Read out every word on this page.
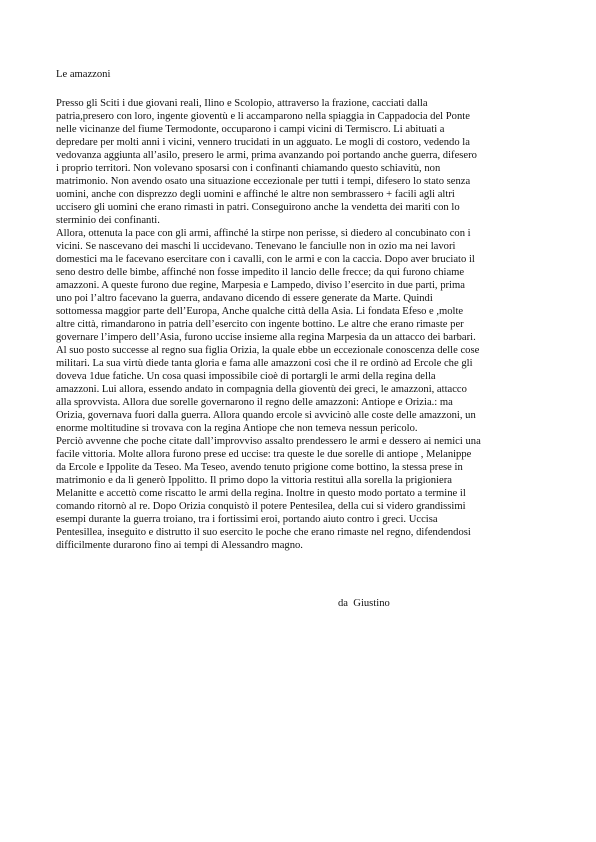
Le amazzoni
Presso gli Sciti i due giovani reali, Ilino e Scolopio, attraverso la frazione, cacciati dalla
patria,presero con loro, ingente gioventù e li accamparono nella spiaggia in Cappadocia del Ponte
nelle vicinanze del fiume Termodonte, occuparono i campi vicini di Termiscro. Li abituati a
depredare per molti anni i vicini, vennero trucidati in un agguato. Le mogli di costoro, vedendo la
vedovanza aggiunta all’asilo, presero le armi, prima avanzando poi portando anche guerra, difesero
i proprio territori. Non volevano sposarsi con i confinanti chiamando questo schiavitù, non
matrimonio. Non avendo osato una situazione eccezionale per tutti i tempi, difesero lo stato senza
uomini, anche con disprezzo degli uomini e affinché le altre non sembrassero + facili agli altri
uccisero gli uomini che erano rimasti in patri. Conseguirono anche la vendetta dei mariti con lo
sterminio dei confinanti.
Allora, ottenuta la pace con gli armi, affinché la stirpe non perisse, si diedero al concubinato con i
vicini. Se nascevano dei maschi li uccidevano. Tenevano le fanciulle non in ozio ma nei lavori
domestici ma le facevano esercitare con i cavalli, con le armi e con la caccia. Dopo aver bruciato il
seno destro delle bimbe, affinché non fosse impedito il lancio delle frecce; da qui furono chiame
amazzoni. A queste furono due regine, Marpesia e Lampedo, diviso l’esercito in due parti, prima
uno poi l’altro facevano la guerra, andavano dicendo di essere generate da Marte. Quindi
sottomessa maggior parte dell’Europa, Anche qualche città della Asia. Li fondata Efeso e ,molte
altre città, rimandarono in patria dell’esercito con ingente bottino. Le altre che erano rimaste per
governare l’impero dell’Asia, furono uccise insieme alla regina Marpesia da un attacco dei barbari.
Al suo posto successe al regno sua figlia Orizia, la quale ebbe un eccezionale conoscenza delle cose
militari. La sua virtù diede tanta gloria e fama alle amazzoni così che il re ordinò ad Ercole che gli
doveva 1due fatiche. Un cosa quasi impossibile cioè di portargli le armi della regina della
amazzoni. Lui allora, essendo andato in compagnia della gioventù dei greci, le amazzoni, attacco
alla sprovvista. Allora due sorelle governarono il regno delle amazzoni: Antiope e Orizia.: ma
Orizia, governava fuori dalla guerra. Allora quando ercole si avvicinò alle coste delle amazzoni, un
enorme moltitudine si trovava con la regina Antiope che non temeva nessun pericolo.
Perciò avvenne che poche citate dall’improvviso assalto prendessero le armi e dessero ai nemici una
facile vittoria. Molte allora furono prese ed uccise: tra queste le due sorelle di antiope , Melanippe
da Ercole e Ippolite da Teseo. Ma Teseo, avendo tenuto prigione come bottino, la stessa prese in
matrimonio e da lì generò Ippolitto. Il primo dopo la vittoria restituì alla sorella la prigioniera
Melanitte e accettò come riscatto le armi della regina. Inoltre in questo modo portato a termine il
comando ritornò al re. Dopo Orizia conquistò il potere Pentesilea, della cui si videro grandissimi
esempi durante la guerra troiano, tra i fortissimi eroi, portando aiuto contro i greci. Uccisa
Pentesillea, inseguito e distrutto il suo esercito le poche che erano rimaste nel regno, difendendosi
difficilmente durarono fino ai tempi di Alessandro magno.
da  Giustino
